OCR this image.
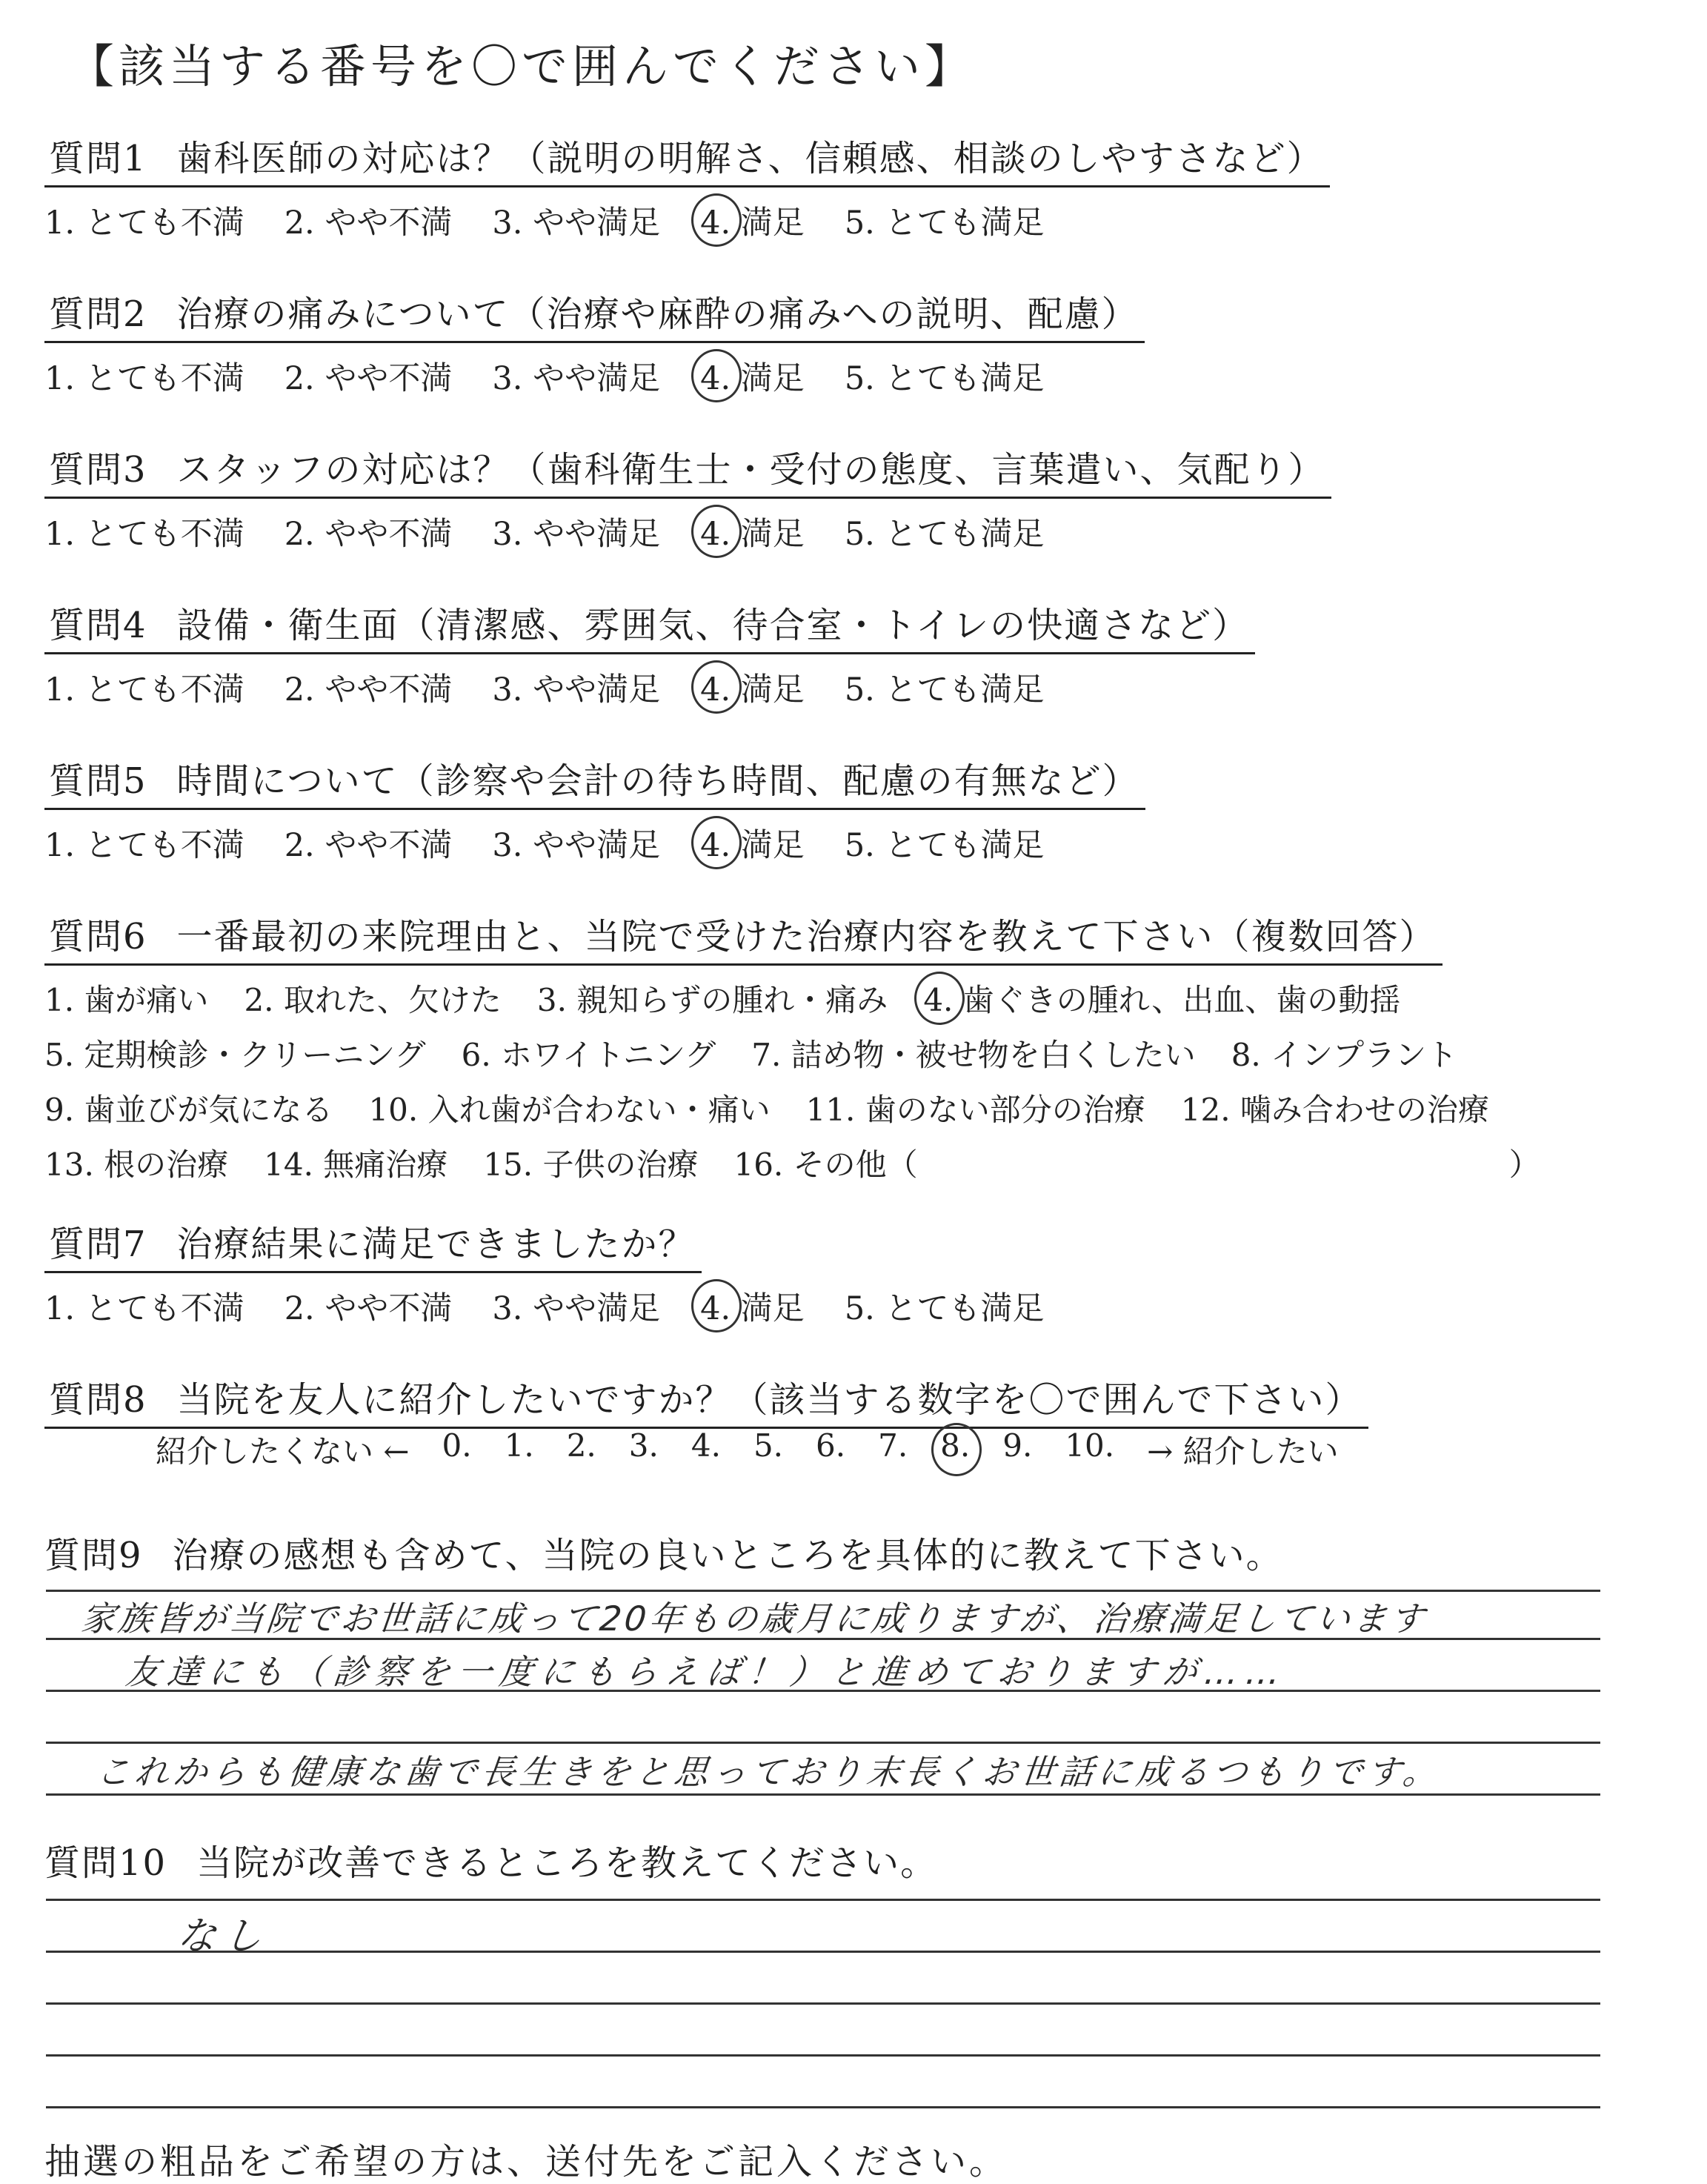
【該当する番号を〇で囲んでください】
質問1 歯科医師の対応は？（説明の明解さ、信頼感、相談のしやすさなど）
1. とても不満 2. やや不満 3. やや満足 4. 満足 5. とても満足
質問2 治療の痛みについて（治療や麻酔の痛みへの説明、配慮）
1. とても不満 2. やや不満 3. やや満足 4. 満足 5. とても満足
質問3 スタッフの対応は？（歯科衛生士・受付の態度、言葉遣い、気配り）
1. とても不満 2. やや不満 3. やや満足 4. 満足 5. とても満足
質問4 設備・衛生面（清潔感、雰囲気、待合室・トイレの快適さなど）
1. とても不満 2. やや不満 3. やや満足 4. 満足 5. とても満足
質問5 時間について（診察や会計の待ち時間、配慮の有無など）
1. とても不満 2. やや不満 3. やや満足 4. 満足 5. とても満足
質問6 一番最初の来院理由と、当院で受けた治療内容を教えて下さい（複数回答）
1. 歯が痛い 2. 取れた、欠けた 3. 親知らずの腫れ・痛み 4. 歯ぐきの腫れ、出血、歯の動揺
5. 定期検診・クリーニング 6. ホワイトニング 7. 詰め物・被せ物を白くしたい 8. インプラント
9. 歯並びが気になる 10. 入れ歯が合わない・痛い 11. 歯のない部分の治療 12. 噛み合わせの治療
13. 根の治療 14. 無痛治療 15. 子供の治療 16. その他（	）
質問7 治療結果に満足できましたか？
1. とても不満 2. やや不満 3. やや満足 4. 満足 5. とても満足
質問8 当院を友人に紹介したいですか？（該当する数字を〇で囲んで下さい）
紹介したくない ← 0. 1. 2. 3. 4. 5. 6. 7. 8. 9. 10. → 紹介したい
質問9 治療の感想も含めて、当院の良いところを具体的に教えて下さい。
家族皆が当院でお世話に成って20年もの歳月に成りますが、治療満足しています
友達にも（診察を一度にもらえば！）と進めておりますが……
これからも健康な歯で長生きをと思っており末長くお世話に成るつもりです。
質問10 当院が改善できるところを教えてください。
なし
抽選の粗品をご希望の方は、送付先をご記入ください。
